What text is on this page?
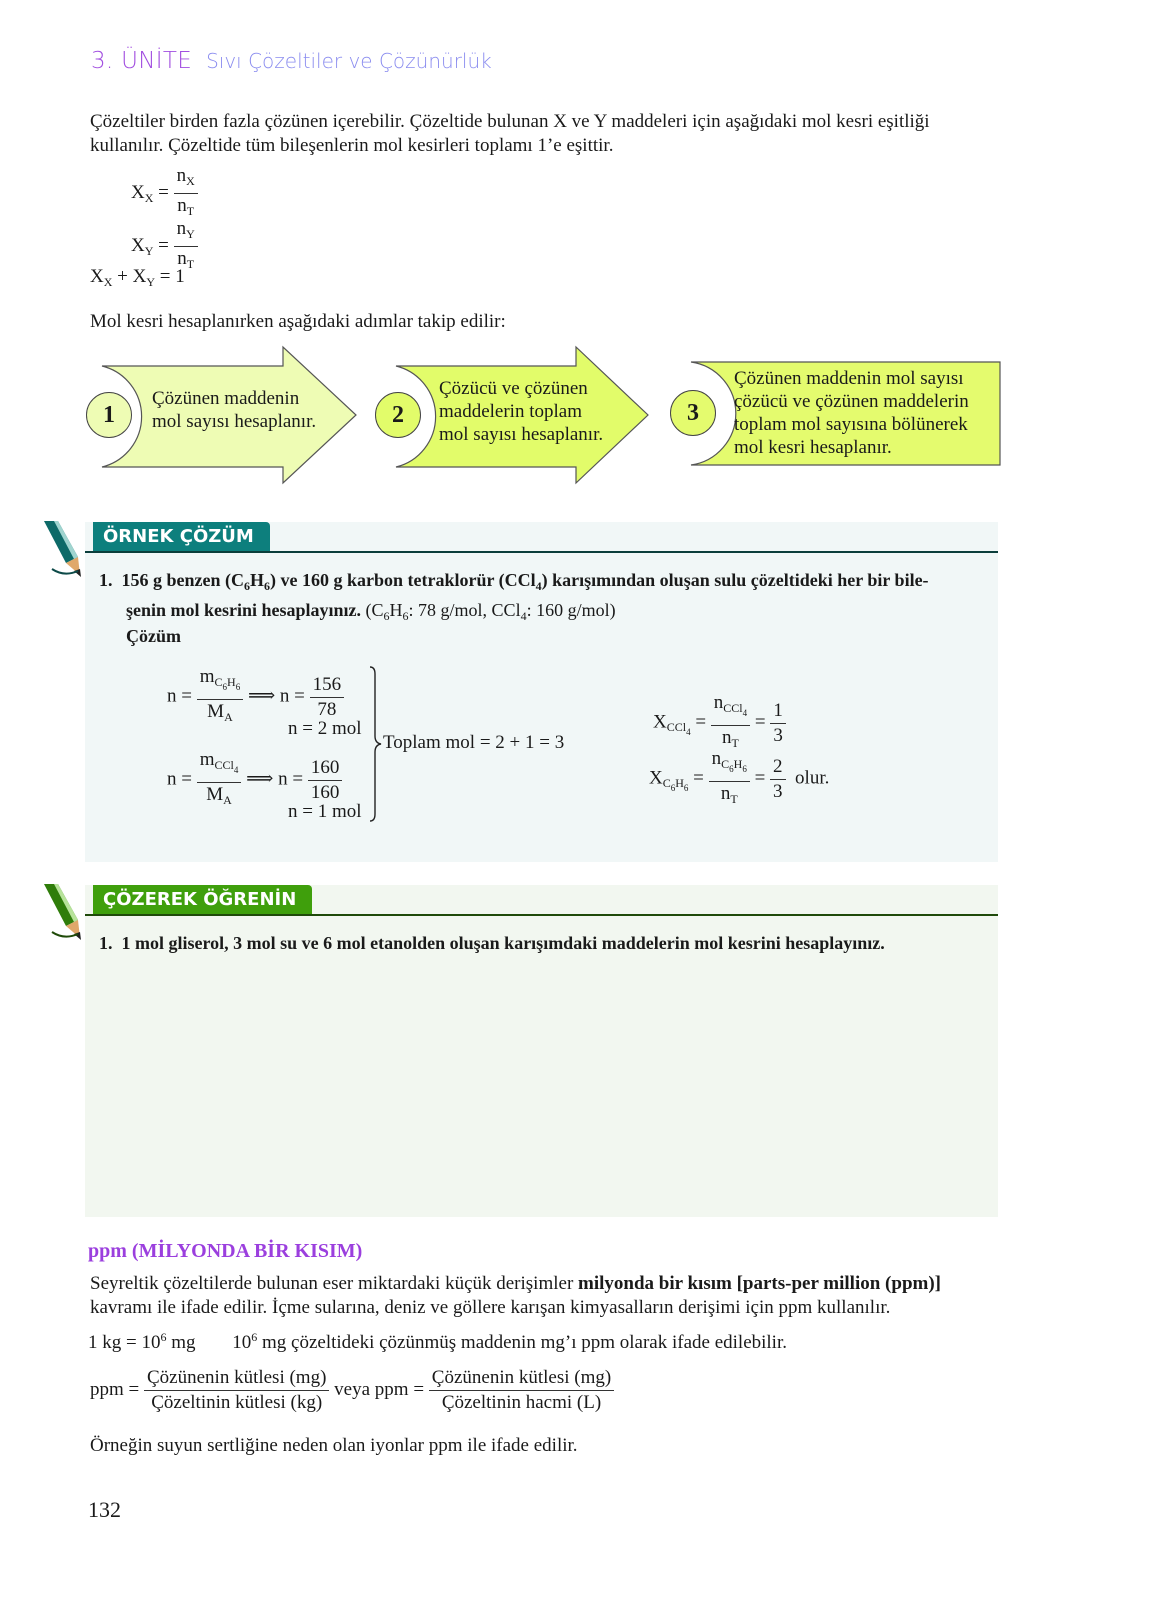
3. ÜNİTE Sıvı Çözeltiler ve Çözünürlük
Çözeltiler birden fazla çözünen içerebilir. Çözeltide bulunan X ve Y maddeleri için aşağıdaki mol kesri eşitliği
kullanılır. Çözeltide tüm bileşenlerin mol kesirleri toplamı 1’e eşittir.
$X_X = \frac{n_X}{n_T}$
$X_Y = \frac{n_Y}{n_T}$
$X_X + X_Y = 1$
Mol kesri hesaplanırken aşağıdaki adımlar takip edilir:
1
Çözünen maddenin
mol sayısı hesaplanır.	2
Çözücü ve çözünen
maddelerin toplam
mol sayısı hesaplanır.
3
Çözünen maddenin mol sayısı
çözücü ve çözünen maddelerin
toplam mol sayısına bölünerek
mol kesri hesaplanır.
ÖRNEK ÇÖZÜM
1.  156 g benzen $(C_6H_6)$ ve 160 g karbon tetraklorür (CCl$_4$) karışımından oluşan sulu çözeltideki her bir bile-
şenin mol kesrini hesaplayınız. ($C_6H_6$: 78 g/mol, CCl$_4$: 160 g/mol)
Çözüm
$n = \frac{m_{C_6H_6}}{M_A}$ ⟹ $n = \frac{156}{78}$
n = 2 mol
$n = \frac{m_{CCl_4}}{M_A}$ ⟹ $n = \frac{160}{160}$
n = 1 mol
Toplam mol = 2 + 1 = 3
$X_{CCl_4} = \frac{n_{CCl_4}}{n_T} = \frac{1}{3}$
$X_{C_6H_6} = \frac{n_{C_6H_6}}{n_T} = \frac{2}{3}$ olur.
ÇÖZEREK ÖĞRENİN
1. 1 mol gliserol, 3 mol su ve 6 mol etanolden oluşan karışımdaki maddelerin mol kesrini hesaplayınız.
ppm (MİLYONDA BİR KISIM)
Seyreltik çözeltilerde bulunan eser miktardaki küçük derişimler milyonda bir kısım [parts-per million (ppm)]
kavramı ile ifade edilir. İçme sularına, deniz ve göllere karışan kimyasalların derişimi için ppm kullanılır.
1 kg = $10^6$ mg $10^6$ mg çözeltideki çözünmüş maddenin mg’ı ppm olarak ifade edilebilir.
ppm = $\frac{\text{Çözünenin kütlesi (mg)}}{\text{Çözeltinin kütlesi (kg)}}$ veya ppm = $\frac{\text{Çözünenin kütlesi (mg)}}{\text{Çözeltinin hacmi (L)}}$
Örneğin suyun sertliğine neden olan iyonlar ppm ile ifade edilir.
132
